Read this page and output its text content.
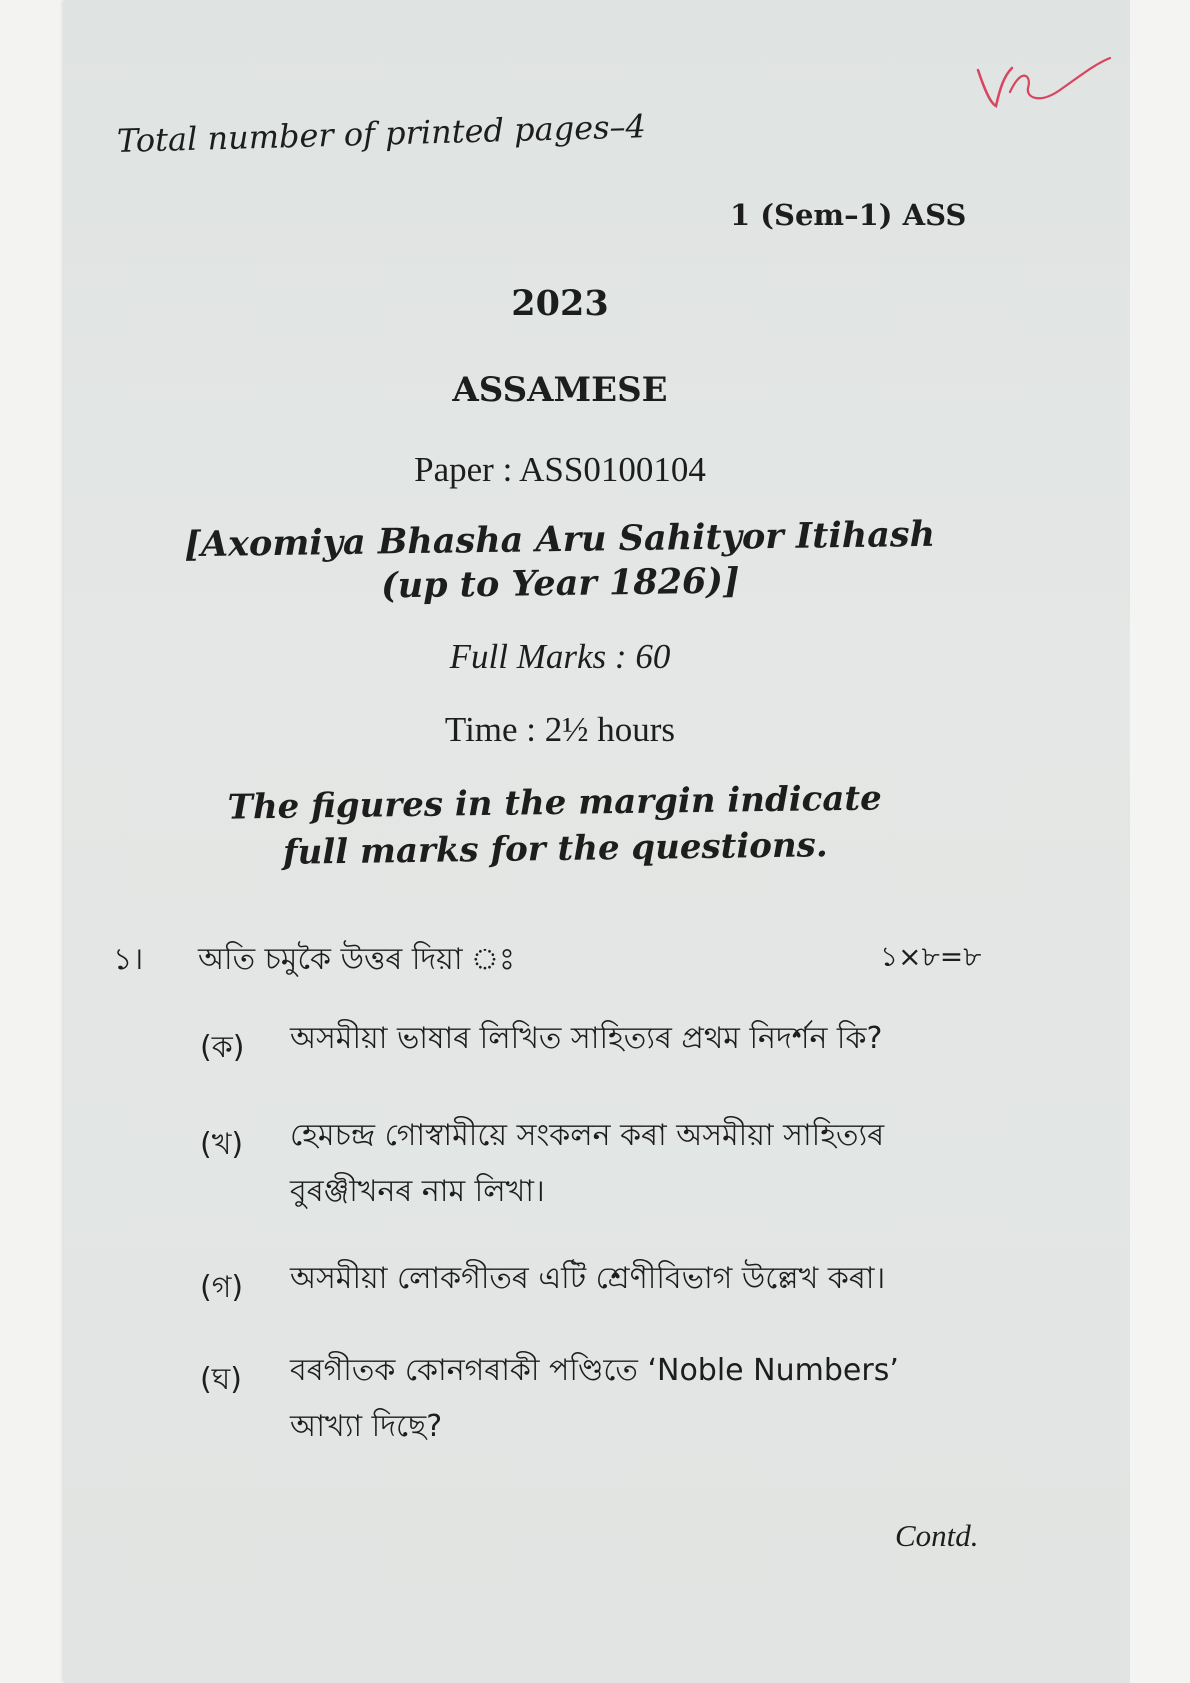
Total number of printed pages–4
1 (Sem–1) ASS
2023
ASSAMESE
Paper : ASS0100104
[Axomiya Bhasha Aru Sahityor Itihash
(up to Year 1826)]
Full Marks : 60
Time : 2½ hours
The figures in the margin indicate
full marks for the questions.
১। অতি চমুকৈ উত্তৰ দিয়া ঃ	১×৮=৮
(ক) অসমীয়া ভাষাৰ লিখিত সাহিত্যৰ প্ৰথম নিদৰ্শন কি?
(খ) হেমচন্দ্ৰ গোস্বামীয়ে সংকলন কৰা অসমীয়া সাহিত্যৰ
বুৰঞ্জীখনৰ নাম লিখা।
(গ) অসমীয়া লোকগীতৰ এটি শ্ৰেণীবিভাগ উল্লেখ কৰা।
(ঘ) বৰগীতক কোনগৰাকী পণ্ডিতে ‘Noble Numbers’
আখ্যা দিছে?
Contd.
